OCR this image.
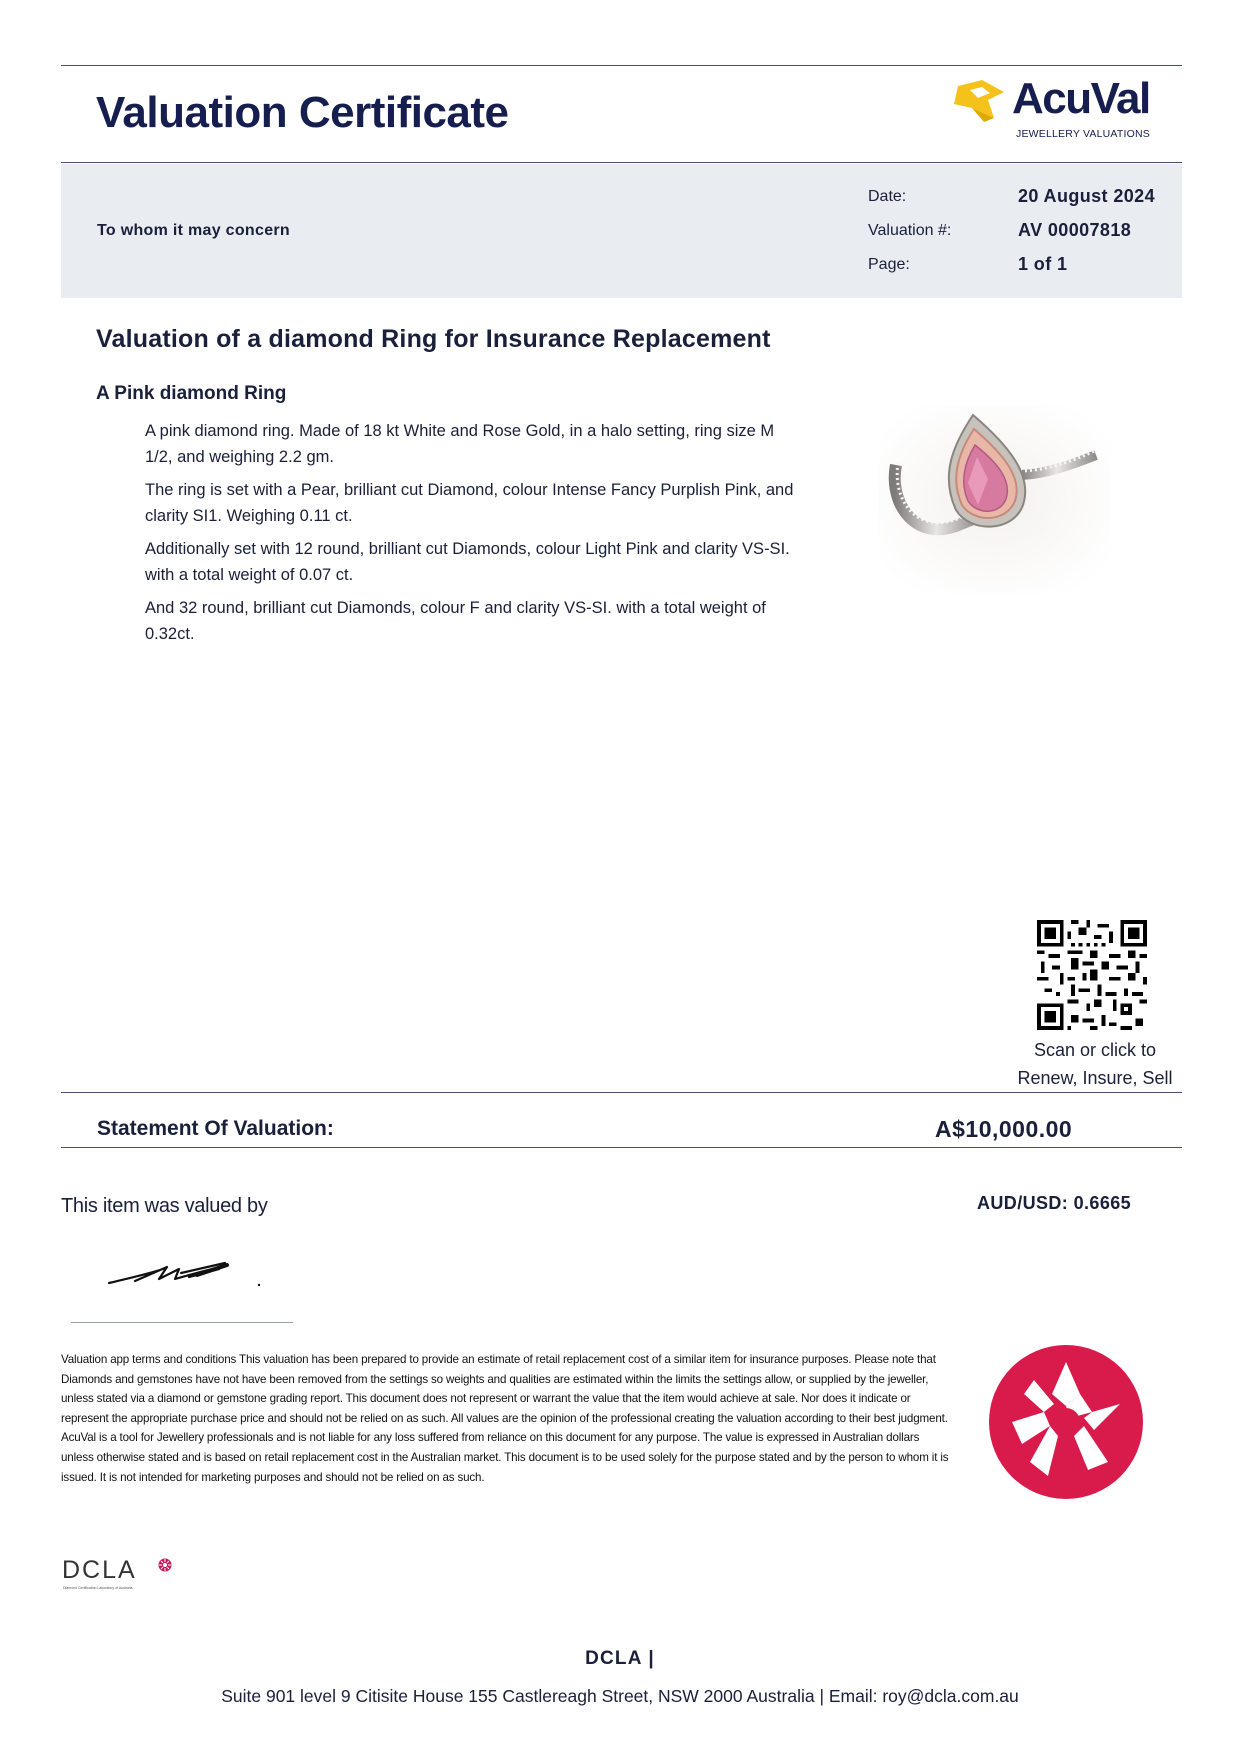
Valuation Certificate	AcuVal
JEWELLERY VALUATIONS
To whom it may concern
Date:	20 August 2024
Valuation #:	AV 00007818
Page:	1 of 1
Valuation of a diamond Ring for Insurance Replacement
A Pink diamond Ring

A pink diamond ring. Made of 18 kt White and Rose Gold, in a halo setting, ring size M 1/2, and weighing 2.2 gm.

The ring is set with a Pear, brilliant cut Diamond, colour Intense Fancy Purplish Pink, and clarity SI1. Weighing 0.11 ct.

Additionally set with 12 round, brilliant cut Diamonds, colour Light Pink and clarity VS-SI. with a total weight of 0.07 ct.

And 32 round, brilliant cut Diamonds, colour F and clarity VS-SI. with a total weight of 0.32ct.

Scan or click to
Renew, Insure, Sell
Statement Of Valuation:	A$10,000.00
This item was valued by	AUD/USD: 0.6665
Valuation app terms and conditions This valuation has been prepared to provide an estimate of retail replacement cost of a similar item for insurance purposes. Please note that Diamonds and gemstones have not have been removed from the settings so weights and qualities are estimated within the limits the settings allow, or supplied by the jeweller, unless stated via a diamond or gemstone grading report. This document does not represent or warrant the value that the item would achieve at sale. Nor does it indicate or represent the appropriate purchase price and should not be relied on as such. All values are the opinion of the professional creating the valuation according to their best judgment. AcuVal is a tool for Jewellery professionals and is not liable for any loss suffered from reliance on this document for any purpose. The value is expressed in Australian dollars unless otherwise stated and is based on retail replacement cost in the Australian market. This document is to be used solely for the purpose stated and by the person to whom it is issued. It is not intended for marketing purposes and should not be relied on as such.
DCLA
Diamond Certification Laboratory of Australia
DCLA |
Suite 901 level 9 Citisite House 155 Castlereagh Street, NSW 2000 Australia | Email: roy@dcla.com.au
